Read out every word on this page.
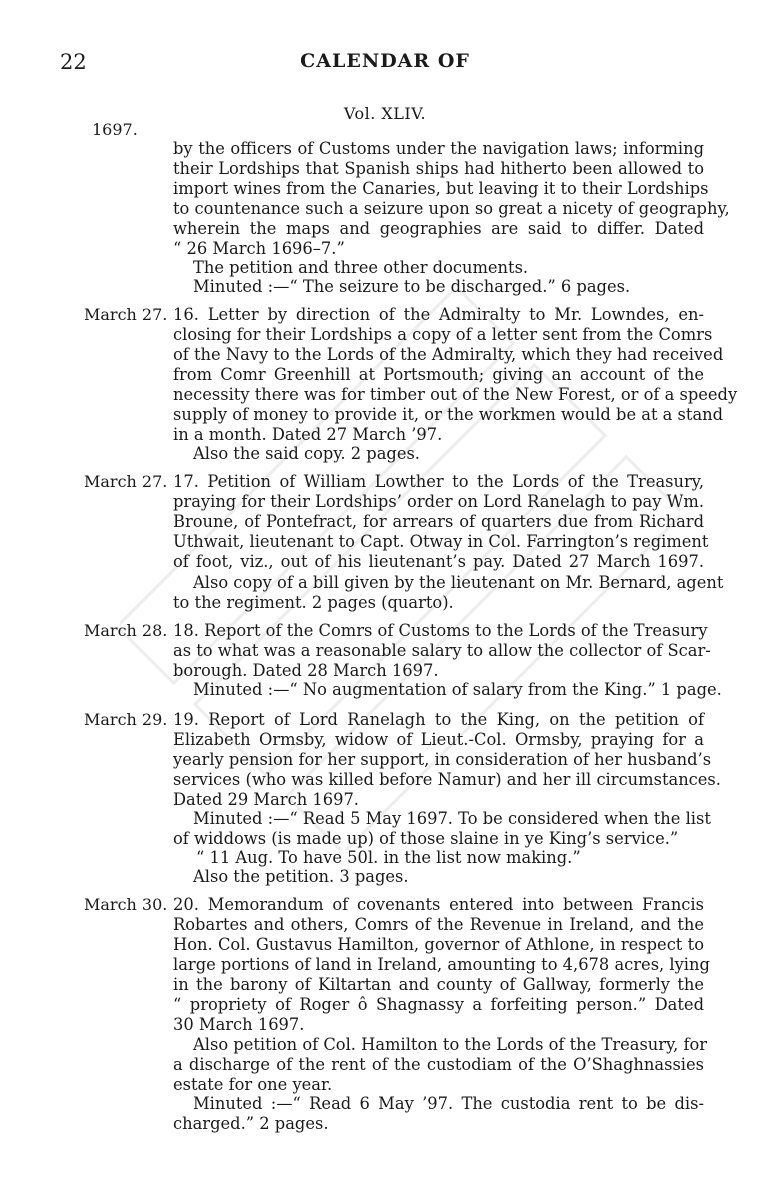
22	CALENDAR OF
Vol. XLIV.
1697.
by the officers of Customs under the navigation laws; informing
their Lordships that Spanish ships had hitherto been allowed to
import wines from the Canaries, but leaving it to their Lordships
to countenance such a seizure upon so great a nicety of geography,
wherein the maps and geographies are said to differ. Dated
“ 26 March 1696–7.”
The petition and three other documents.
Minuted :—“ The seizure to be discharged.” 6 pages.
March 27. 16. Letter by direction of the Admiralty to Mr. Lowndes, en-
closing for their Lordships a copy of a letter sent from the Comrs
of the Navy to the Lords of the Admiralty, which they had received
from Comr Greenhill at Portsmouth; giving an account of the
necessity there was for timber out of the New Forest, or of a speedy
supply of money to provide it, or the workmen would be at a stand
in a month. Dated 27 March ’97.
Also the said copy. 2 pages.
March 27. 17. Petition of William Lowther to the Lords of the Treasury,
praying for their Lordships’ order on Lord Ranelagh to pay Wm.
Broune, of Pontefract, for arrears of quarters due from Richard
Uthwait, lieutenant to Capt. Otway in Col. Farrington’s regiment
of foot, viz., out of his lieutenant’s pay. Dated 27 March 1697.
Also copy of a bill given by the lieutenant on Mr. Bernard, agent
to the regiment. 2 pages (quarto).
March 28. 18. Report of the Comrs of Customs to the Lords of the Treasury
as to what was a reasonable salary to allow the collector of Scar-
borough. Dated 28 March 1697.
Minuted :—“ No augmentation of salary from the King.” 1 page.
March 29. 19. Report of Lord Ranelagh to the King, on the petition of
Elizabeth Ormsby, widow of Lieut.-Col. Ormsby, praying for a
yearly pension for her support, in consideration of her husband’s
services (who was killed before Namur) and her ill circumstances.
Dated 29 March 1697.
Minuted :—“ Read 5 May 1697. To be considered when the list
of widdows (is made up) of those slaine in ye King’s service.”
“ 11 Aug. To have 50l. in the list now making.”
Also the petition. 3 pages.
March 30. 20. Memorandum of covenants entered into between Francis
Robartes and others, Comrs of the Revenue in Ireland, and the
Hon. Col. Gustavus Hamilton, governor of Athlone, in respect to
large portions of land in Ireland, amounting to 4,678 acres, lying
in the barony of Kiltartan and county of Gallway, formerly the
“ propriety of Roger ô Shagnassy a forfeiting person.” Dated
30 March 1697.
Also petition of Col. Hamilton to the Lords of the Treasury, for
a discharge of the rent of the custodiam of the O’Shaghnassies
estate for one year.
Minuted :—“ Read 6 May ’97. The custodia rent to be dis-
charged.” 2 pages.
